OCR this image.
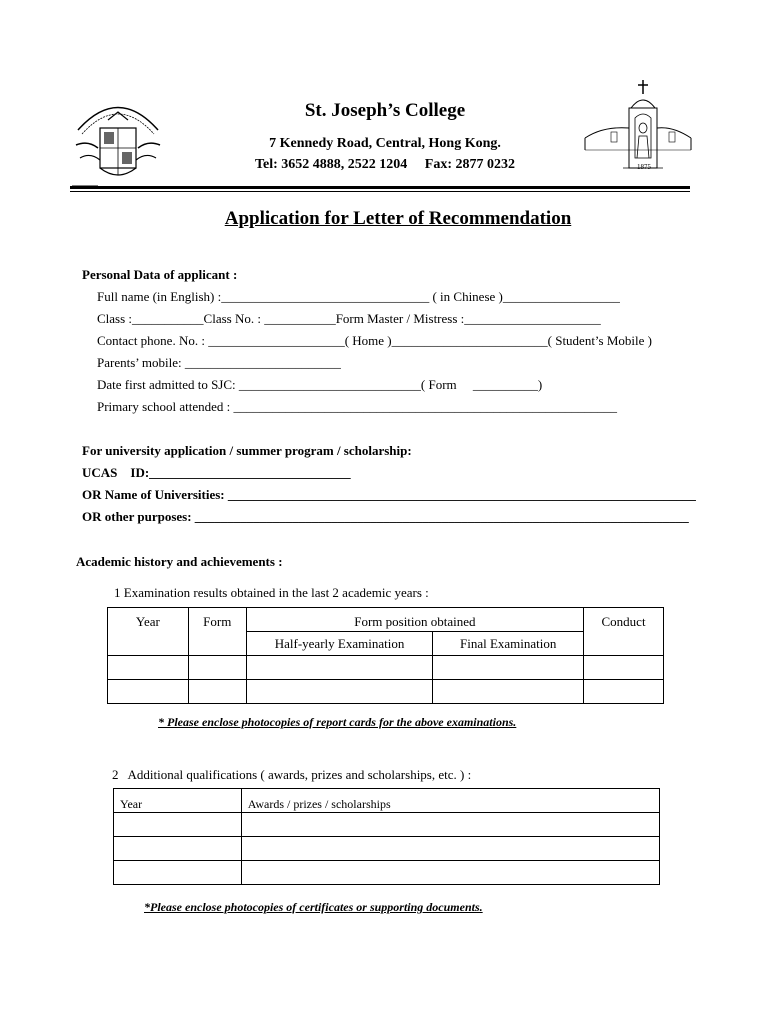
1875
St. Joseph’s College
7 Kennedy Road, Central, Hong Kong.
Tel: 3652 4888, 2522 1204     Fax: 2877 0232
Application for Letter of Recommendation
Personal Data of applicant :
Full name (in English) :________________________________ ( in Chinese )__________________
Class :___________Class No. : ___________Form Master / Mistress :_____________________
Contact phone. No. : _____________________( Home )________________________( Student’s Mobile )
Parents’ mobile: ________________________
Date first admitted to SJC: ____________________________( Form     __________)
Primary school attended : ___________________________________________________________
For university application / summer program / scholarship:
UCAS    ID:_______________________________
OR Name of Universities: ________________________________________________________________________
OR other purposes: ____________________________________________________________________________
Academic history and achievements :
1 Examination results obtained in the last 2 academic years :
Year	Form	Form position obtained		Conduct
		Half-yearly Examination	Final Examination	

* Please enclose photocopies of report cards for the above examinations.
2   Additional qualifications ( awards, prizes and scholarships, etc. ) :
Year	Awards / prizes / scholarships

*Please enclose photocopies of certificates or supporting documents.
